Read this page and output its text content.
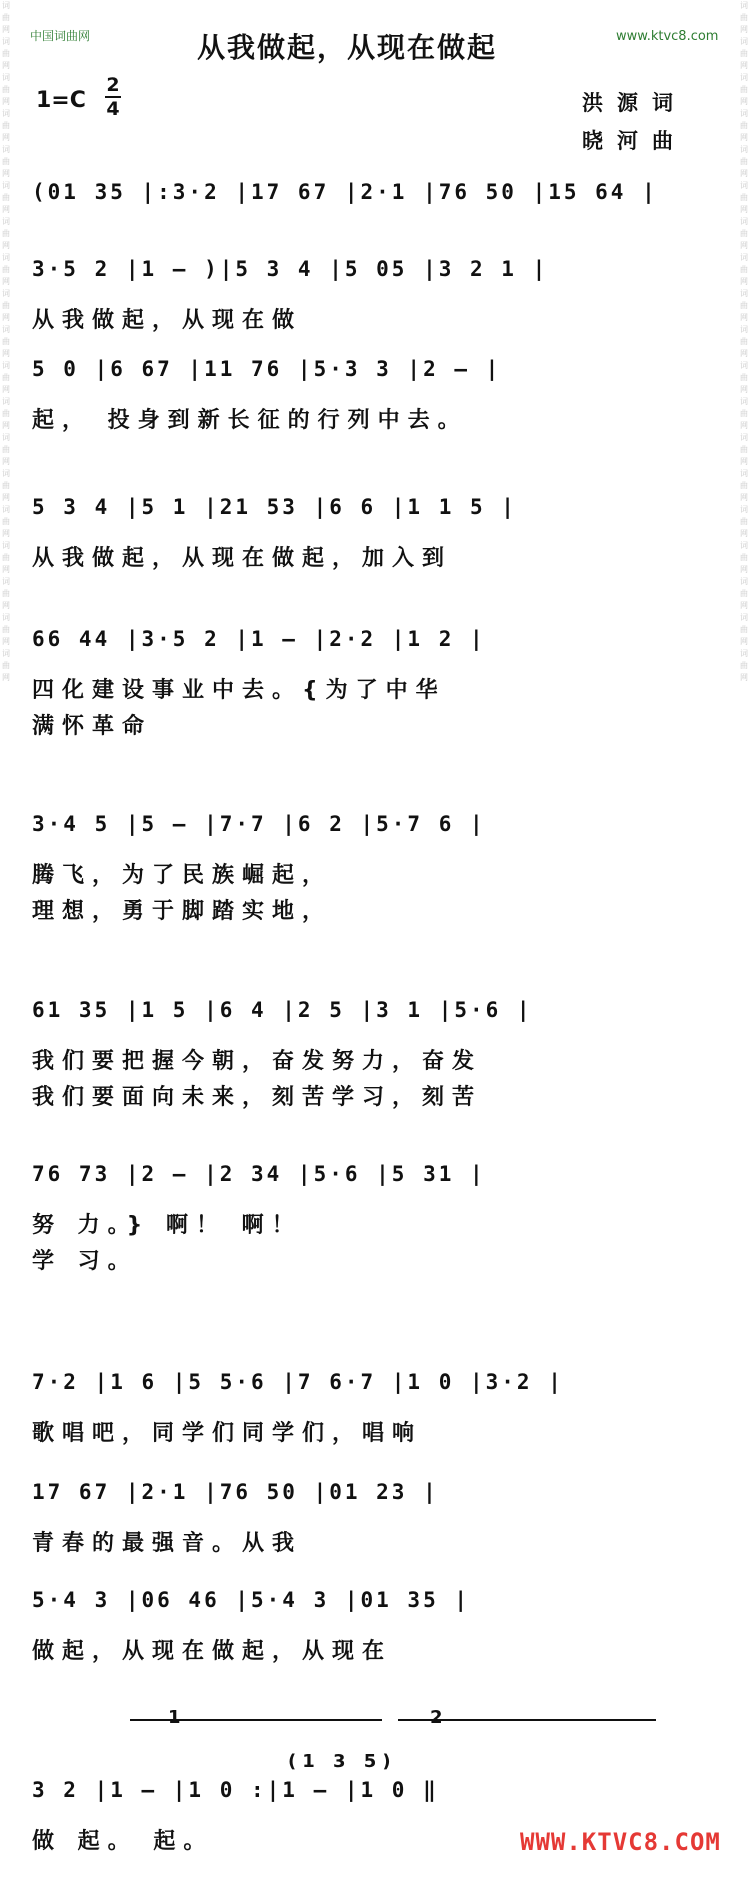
词
曲
网
词
曲
网
词
曲
网
词
曲
网
词
曲
网
词
曲
网
词
曲
网
词
曲
网
词
曲
网
词
曲
网
词
曲
网
词
曲
网
词
曲
网
词
曲
网
词
曲
网
词
曲
网
词
曲
网
词
曲
网
词
曲
网
词
曲
网
词
曲
网
词
曲
网
词
曲
网
词
曲
网
词
曲
网
词
曲
网
词
曲
网
词
曲
网
词
曲
网
词
曲
网
词
曲
网
词
曲
网
词
曲
网
词
曲
网
词
曲
网
词
曲
网
词
曲
网
词
曲
网
中国词曲网	从我做起，从现在做起	www.ktvc8.com
1=C
2
4	洪源词
晓河曲
(01 35 |:3·2 |17 67 |2·1 |76 50 |15 64 |
3·5 2 |1 — )|5 3 4 |5 05 |3 2 1 |
从我做起，从现在做
5 0 |6 67 |11 76 |5·3 3 |2 — |
起， 投身到新长征的行列中去。
5 3 4 |5 1 |21 53 |6 6 |1 1 5 |
从我做起，从现在做起，加入到
66 44 |3·5 2 |1 — |2·2 |1 2 |
四化建设事业中去。{为了中华
满怀革命
3·4 5 |5 — |7·7 |6 2 |5·7 6 |
腾飞，为了民族崛起，
理想，勇于脚踏实地，
61 35 |1 5 |6 4 |2 5 |3 1 |5·6 |
我们要把握今朝，奋发努力，奋发
我们要面向未来，刻苦学习，刻苦
76 73 |2 — |2 34 |5·6 |5 31 |
努 力。} 啊！ 啊！
学 习。
7·2 |1 6 |5 5·6 |7 6·7 |1 0 |3·2 |
歌唱吧，同学们同学们，唱响
17 67 |2·1 |76 50 |01 23 |
青春的最强音。从我
5·4 3 |06 46 |5·4 3 |01 35 |
做起，从现在做起，从现在
3 2 |1 — |1 0 :|1 — |1 0 ‖
做 起。 起。
1	2
(1 3 5)
WWW.KTVC8.COM
